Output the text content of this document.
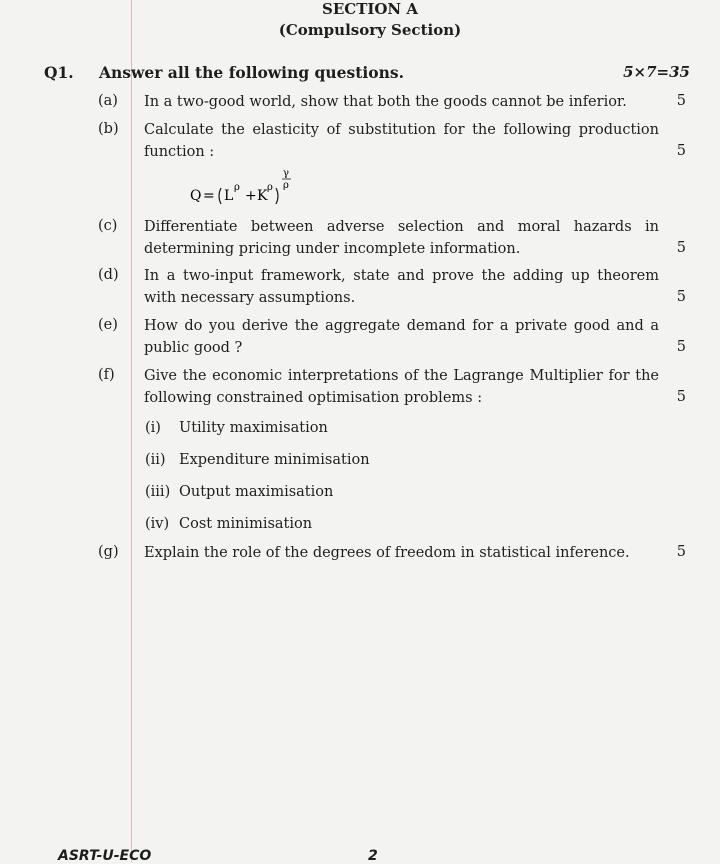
SECTION A
(Compulsory Section)
Q1. Answer all the following questions.	5×7=35
(a) In a two-good world, show that both the goods cannot be inferior.	5
(b) Calculate the elasticity of substitution for the following production function :	5
Q = L
ρ
+ K
ρ
γ
ρ
(c) Differentiate between adverse selection and moral hazards in determining pricing under incomplete information.	5
(d) In a two-input framework, state and prove the adding up theorem with necessary assumptions.	5
(e) How do you derive the aggregate demand for a private good and a public good ?	5
(f) Give the economic interpretations of the Lagrange Multiplier for the following constrained optimisation problems :	5
(i) Utility maximisation
(ii) Expenditure minimisation
(iii) Output maximisation
(iv) Cost minimisation
(g) Explain the role of the degrees of freedom in statistical inference.	5
ASRT-U-ECO	2
